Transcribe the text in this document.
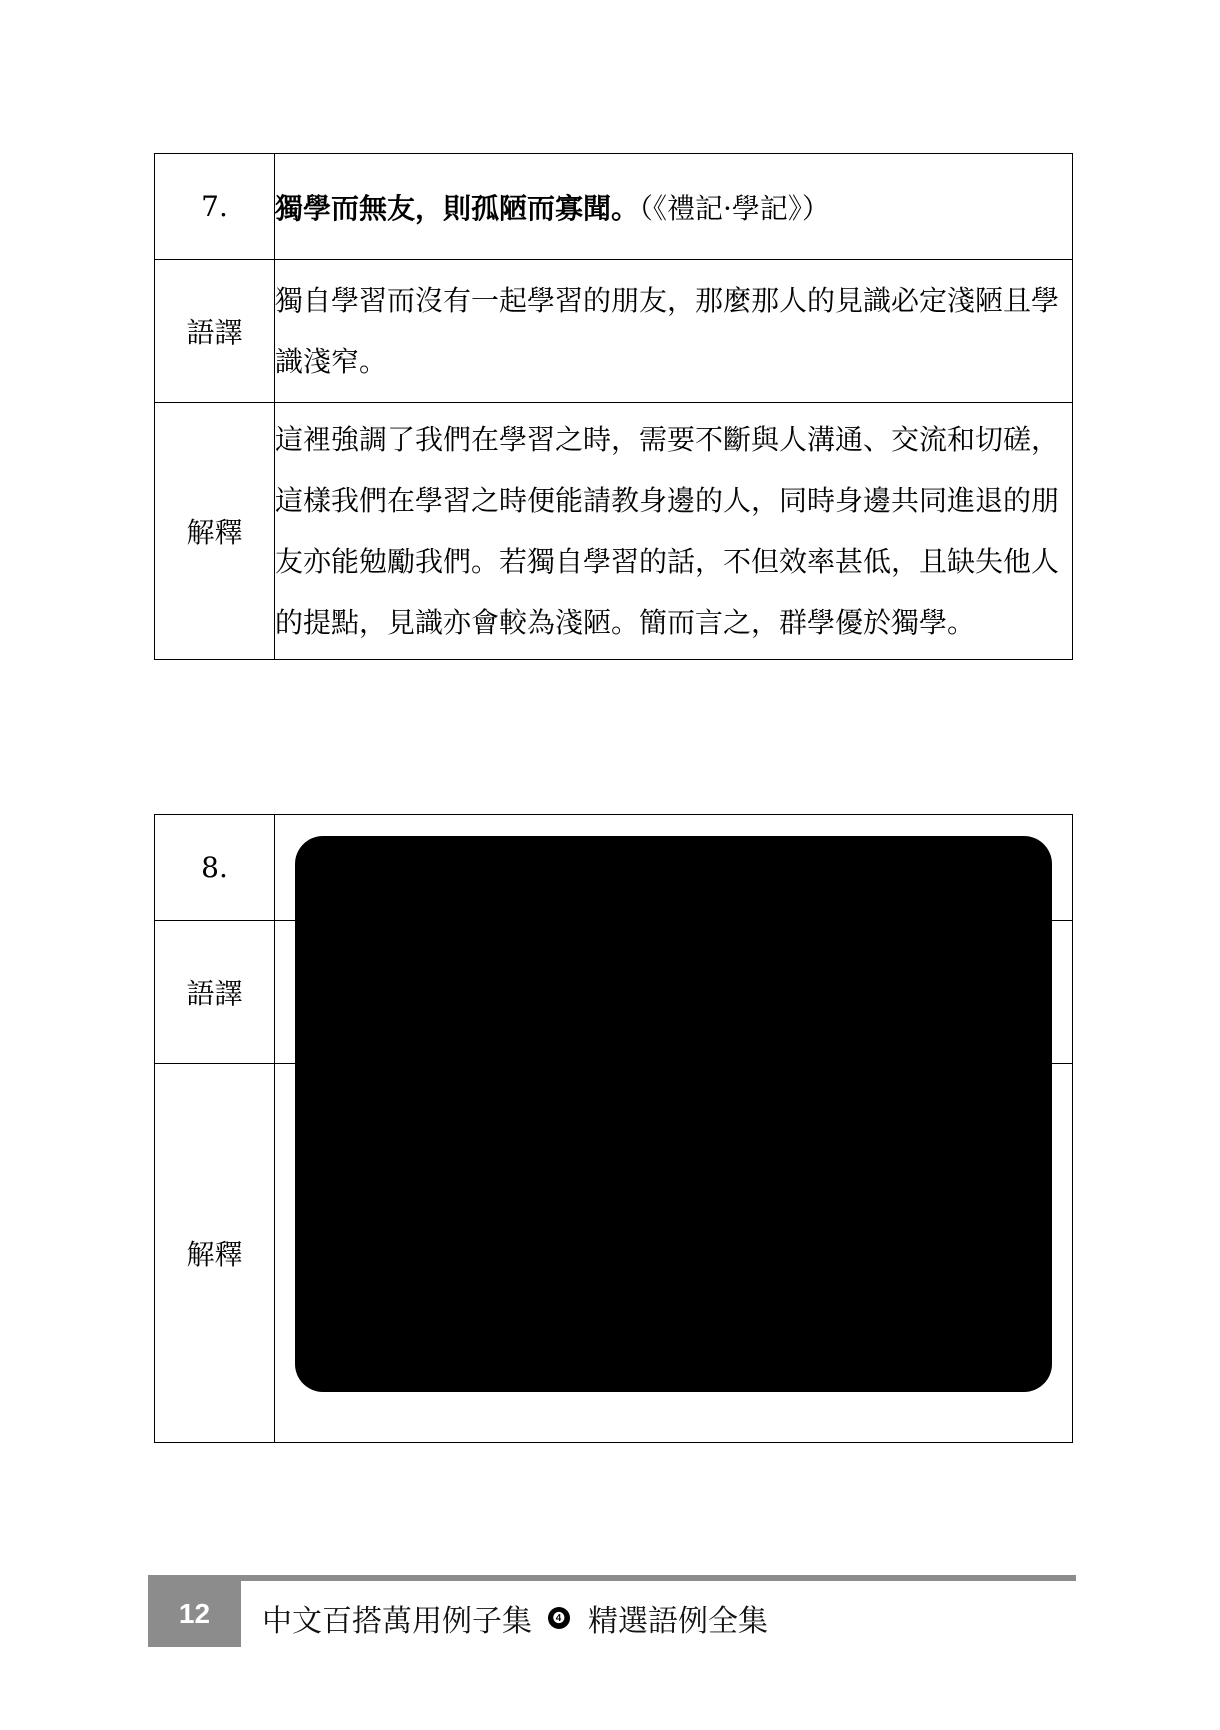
7.	獨學而無友，則孤陋而寡聞。（《禮記·學記》）
語譯	獨自學習而沒有一起學習的朋友，那麼那人的見識必定淺陋且學識淺窄。
解釋	這裡強調了我們在學習之時，需要不斷與人溝通、交流和切磋，這樣我們在學習之時便能請教身邊的人，同時身邊共同進退的朋友亦能勉勵我們。若獨自學習的話，不但效率甚低，且缺失他人的提點，見識亦會較為淺陋。簡而言之，群學優於獨學。
8.	
語譯	
解釋	
12	中文百搭萬用例子集 ❹ 精選語例全集
